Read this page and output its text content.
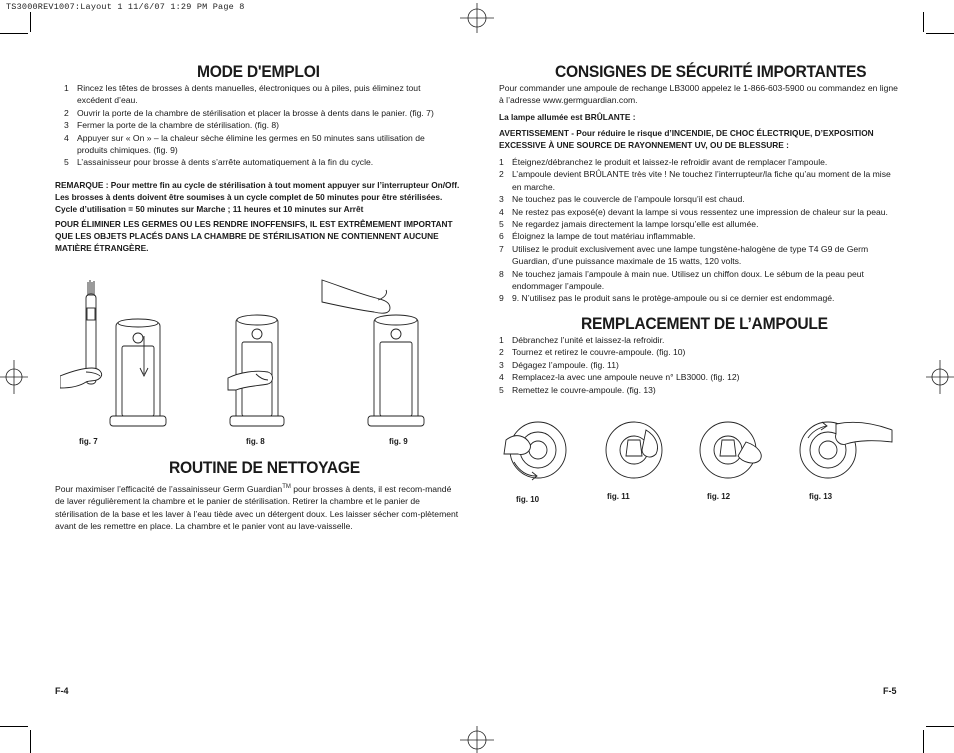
TS3000REV1007:Layout 1 11/6/07 1:29 PM Page 8
MODE D'EMPLOI
1 Rincez les têtes de brosses à dents manuelles, électroniques ou à piles, puis éliminez tout excédent d’eau.
2 Ouvrir la porte de la chambre de stérilisation et placer la brosse à dents dans le panier. (fig. 7)
3 Fermer la porte de la chambre de stérilisation. (fig. 8)
4 Appuyer sur « On » – la chaleur sèche élimine les germes en 50 minutes sans utilisation de produits chimiques. (fig. 9)
5 L’assainisseur pour brosse à dents s’arrête automatiquement à la fin du cycle.
REMARQUE : Pour mettre fin au cycle de stérilisation à tout moment appuyer sur l’interrupteur On/Off. Les brosses à dents doivent être soumises à un cycle complet de 50 minutes pour être stérilisées. Cycle d’utilisation = 50 minutes sur Marche ; 11 heures et 10 minutes sur Arrêt
POUR ÉLIMINER LES GERMES OU LES RENDRE INOFFENSIFS, IL EST EXTRÊMEMENT IMPORTANT QUE LES OBJETS PLACÉS DANS LA CHAMBRE DE STÉRILISATION NE CONTIENNENT AUCUNE MATIÈRE ÉTRANGÈRE.
fig. 7	fig. 8	fig. 9
ROUTINE DE NETTOYAGE
Pour maximiser l’efficacité de l’assainisseur Germ Guardian™ pour brosses à dents, il est recom-mandé de laver régulièrement la chambre et le panier de stérilisation. Retirer la chambre et le panier de stérilisation de la base et les laver à l’eau tiède avec un détergent doux. Les laisser sécher com-plètement avant de les remettre en place. La chambre et le panier vont au lave-vaisselle.
F-4
CONSIGNES DE SÉCURITÉ IMPORTANTES
Pour commander une ampoule de rechange LB3000 appelez le 1-866-603-5900 ou commandez en ligne à l’adresse www.germguardian.com.
La lampe allumée est BRÛLANTE :
AVERTISSEMENT - Pour réduire le risque d’INCENDIE, DE CHOC ÉLECTRIQUE, D’EXPOSITION EXCESSIVE À UNE SOURCE DE RAYONNEMENT UV, OU DE BLESSURE :
1 Éteignez/débranchez le produit et laissez-le refroidir avant de remplacer l’ampoule.
2 L’ampoule devient BRÛLANTE très vite ! Ne touchez l’interrupteur/la fiche qu’au moment de la mise en marche.
3 Ne touchez pas le couvercle de l’ampoule lorsqu’il est chaud.
4 Ne restez pas exposé(e) devant la lampe si vous ressentez une impression de chaleur sur la peau.
5 Ne regardez jamais directement la lampe lorsqu’elle est allumée.
6 Éloignez la lampe de tout matériau inflammable.
7 Utilisez le produit exclusivement avec une lampe tungstène-halogène de type T4 G9 de Germ Guardian, d’une puissance maximale de 15 watts, 120 volts.
8 Ne touchez jamais l’ampoule à main nue. Utilisez un chiffon doux. Le sébum de la peau peut endommager l’ampoule.
9 9. N’utilisez pas le produit sans le protège-ampoule ou si ce dernier est endommagé.
REMPLACEMENT DE L’AMPOULE
1 Débranchez l’unité et laissez-la refroidir.
2 Tournez et retirez le couvre-ampoule. (fig. 10)
3 Dégagez l’ampoule. (fig. 11)
4 Remplacez-la avec une ampoule neuve n° LB3000. (fig. 12)
5 Remettez le couvre-ampoule. (fig. 13)
fig. 10	fig. 11	fig. 12	fig. 13
F-5
